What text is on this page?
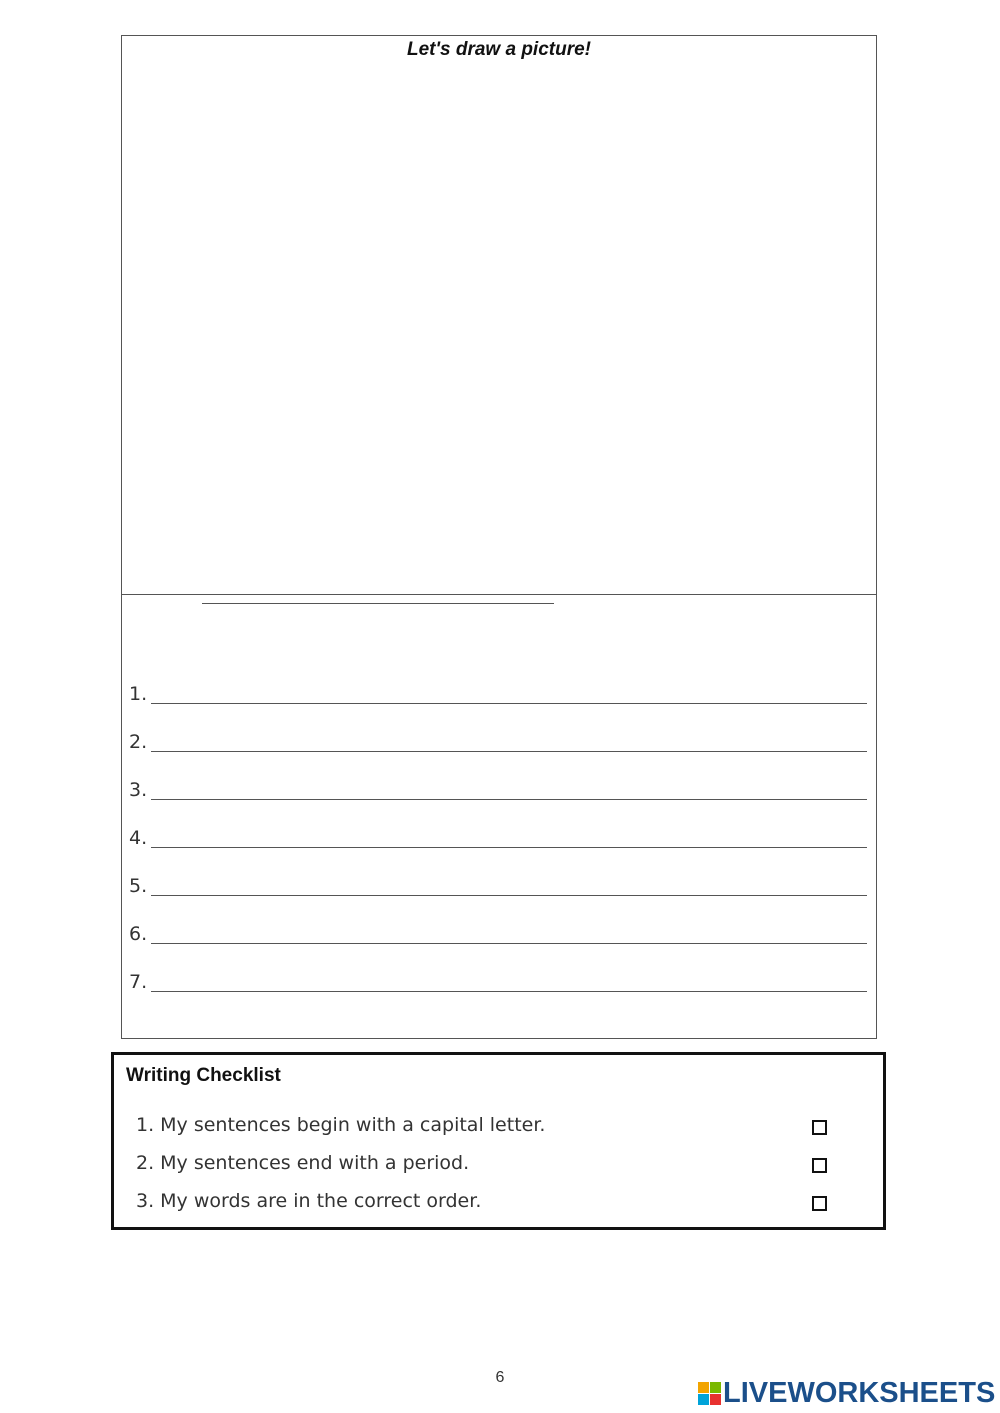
Let's draw a picture!
1.
2.
3.
4.
5.
6.
7.
Writing Checklist
1. My sentences begin with a capital letter.
2. My sentences end with a period.
3. My words are in the correct order.
6	LIVEWORKSHEETS
